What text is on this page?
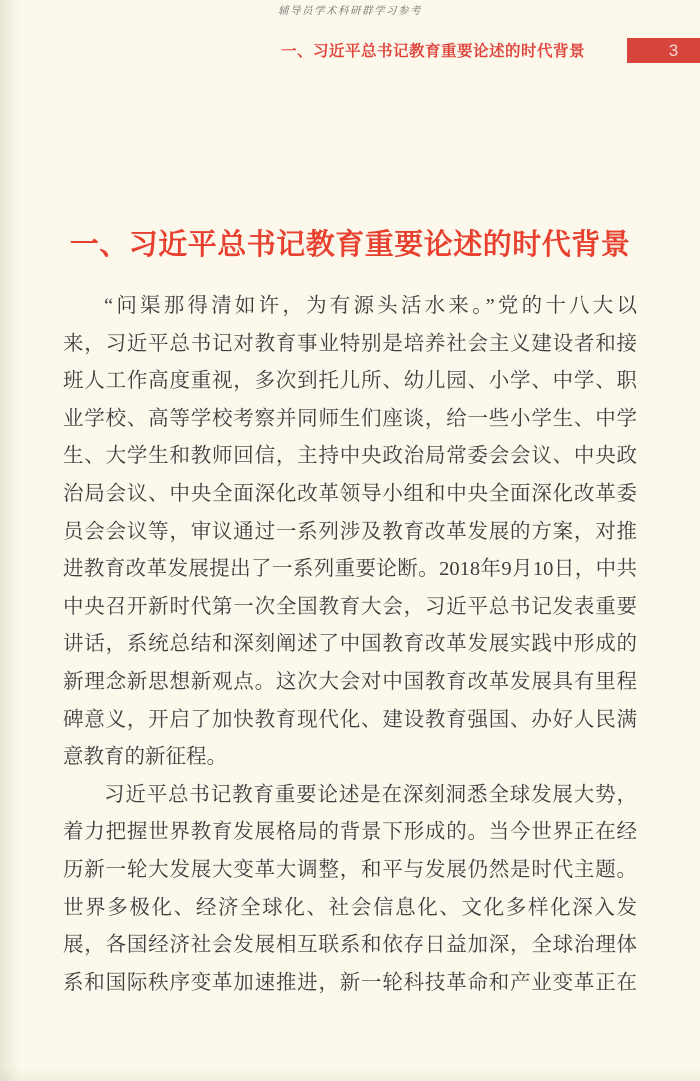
辅导员学术科研群学习参考
一、习近平总书记教育重要论述的时代背景	3
一、习近平总书记教育重要论述的时代背景
“问渠那得清如许，为有源头活水来。”党的十八大以
来，习近平总书记对教育事业特别是培养社会主义建设者和接
班人工作高度重视，多次到托儿所、幼儿园、小学、中学、职
业学校、高等学校考察并同师生们座谈，给一些小学生、中学
生、大学生和教师回信，主持中央政治局常委会会议、中央政
治局会议、中央全面深化改革领导小组和中央全面深化改革委
员会会议等，审议通过一系列涉及教育改革发展的方案，对推
进教育改革发展提出了一系列重要论断。2018年9月10日，中共
中央召开新时代第一次全国教育大会，习近平总书记发表重要
讲话，系统总结和深刻阐述了中国教育改革发展实践中形成的
新理念新思想新观点。这次大会对中国教育改革发展具有里程
碑意义，开启了加快教育现代化、建设教育强国、办好人民满
意教育的新征程。
习近平总书记教育重要论述是在深刻洞悉全球发展大势，
着力把握世界教育发展格局的背景下形成的。当今世界正在经
历新一轮大发展大变革大调整，和平与发展仍然是时代主题。
世界多极化、经济全球化、社会信息化、文化多样化深入发
展，各国经济社会发展相互联系和依存日益加深，全球治理体
系和国际秩序变革加速推进，新一轮科技革命和产业变革正在
